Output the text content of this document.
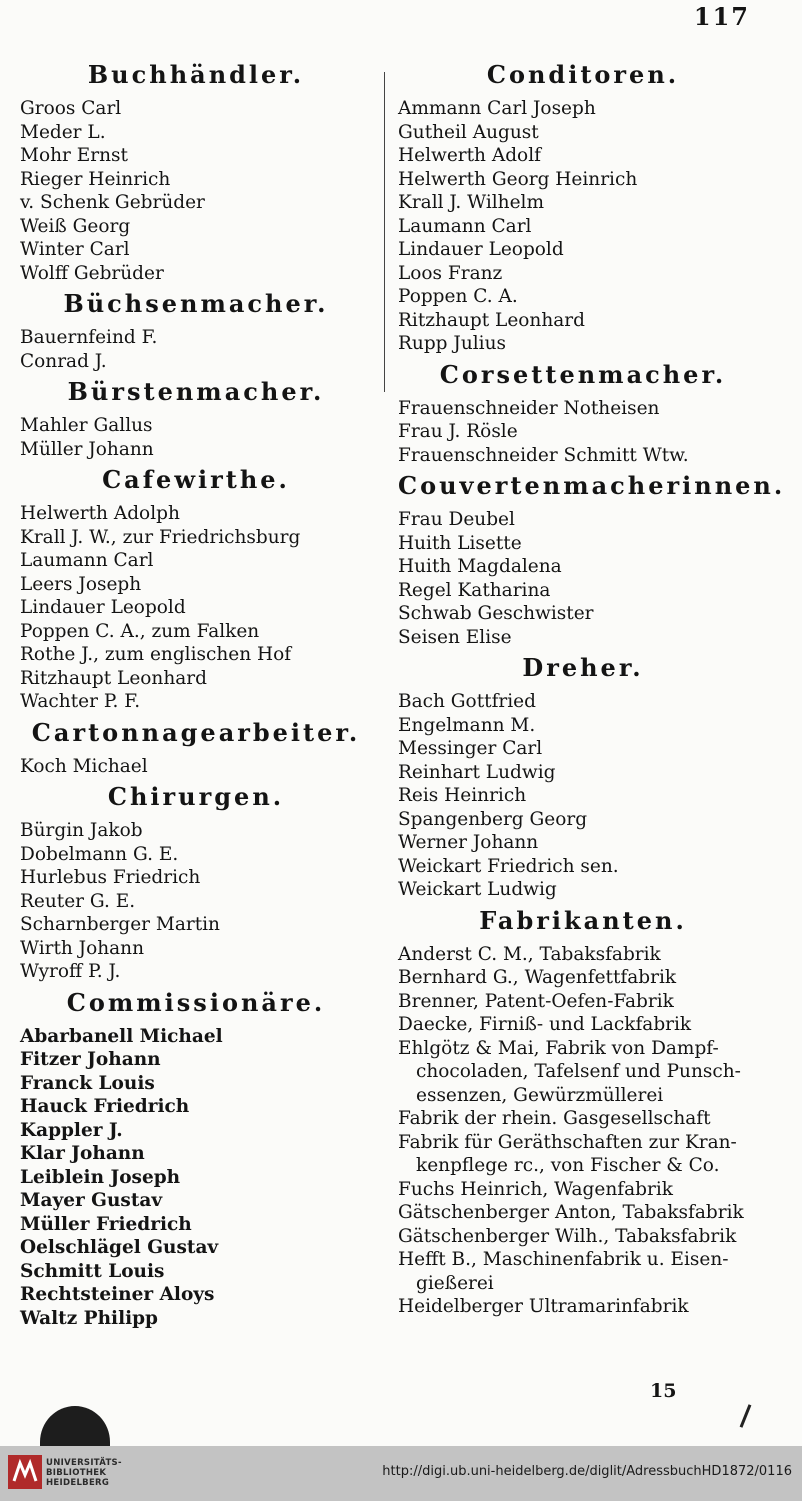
117
Buchhändler.
Groos Carl
Meder L.
Mohr Ernst
Rieger Heinrich
v. Schenk Gebrüder
Weiß Georg
Winter Carl
Wolff Gebrüder
Büchsenmacher.
Bauernfeind F.
Conrad J.
Bürstenmacher.
Mahler Gallus
Müller Johann
Cafewirthe.
Helwerth Adolph
Krall J. W., zur Friedrichsburg
Laumann Carl
Leers Joseph
Lindauer Leopold
Poppen C. A., zum Falken
Rothe J., zum englischen Hof
Ritzhaupt Leonhard
Wachter P. F.
Cartonnagearbeiter.
Koch Michael
Chirurgen.
Bürgin Jakob
Dobelmann G. E.
Hurlebus Friedrich
Reuter G. E.
Scharnberger Martin
Wirth Johann
Wyroff P. J.
Commissionäre.
Abarbanell Michael
Fitzer Johann
Franck Louis
Hauck Friedrich
Kappler J.
Klar Johann
Leiblein Joseph
Mayer Gustav
Müller Friedrich
Oelschlägel Gustav
Schmitt Louis
Rechtsteiner Aloys
Waltz Philipp
Conditoren.
Ammann Carl Joseph
Gutheil August
Helwerth Adolf
Helwerth Georg Heinrich
Krall J. Wilhelm
Laumann Carl
Lindauer Leopold
Loos Franz
Poppen C. A.
Ritzhaupt Leonhard
Rupp Julius
Corsettenmacher.
Frauenschneider Notheisen
Frau J. Rösle
Frauenschneider Schmitt Wtw.
Couvertenmacherinnen.
Frau Deubel
Huith Lisette
Huith Magdalena
Regel Katharina
Schwab Geschwister
Seisen Elise
Dreher.
Bach Gottfried
Engelmann M.
Messinger Carl
Reinhart Ludwig
Reis Heinrich
Spangenberg Georg
Werner Johann
Weickart Friedrich sen.
Weickart Ludwig
Fabrikanten.
Anderst C. M., Tabaksfabrik
Bernhard G., Wagenfettfabrik
Brenner, Patent-Oefen-Fabrik
Daecke, Firniß- und Lackfabrik
Ehlgötz & Mai, Fabrik von Dampf-
chocoladen, Tafelsenf und Punsch-
essenzen, Gewürzmüllerei
Fabrik der rhein. Gasgesellschaft
Fabrik für Geräthschaften zur Kran-
kenpflege rc., von Fischer & Co.
Fuchs Heinrich, Wagenfabrik
Gätschenberger Anton, Tabaksfabrik
Gätschenberger Wilh., Tabaksfabrik
Hefft B., Maschinenfabrik u. Eisen-
gießerei
Heidelberger Ultramarinfabrik
15
UNIVERSITÄTS-
BIBLIOTHEK
HEIDELBERG
http://digi.ub.uni-heidelberg.de/diglit/AdressbuchHD1872/0116
